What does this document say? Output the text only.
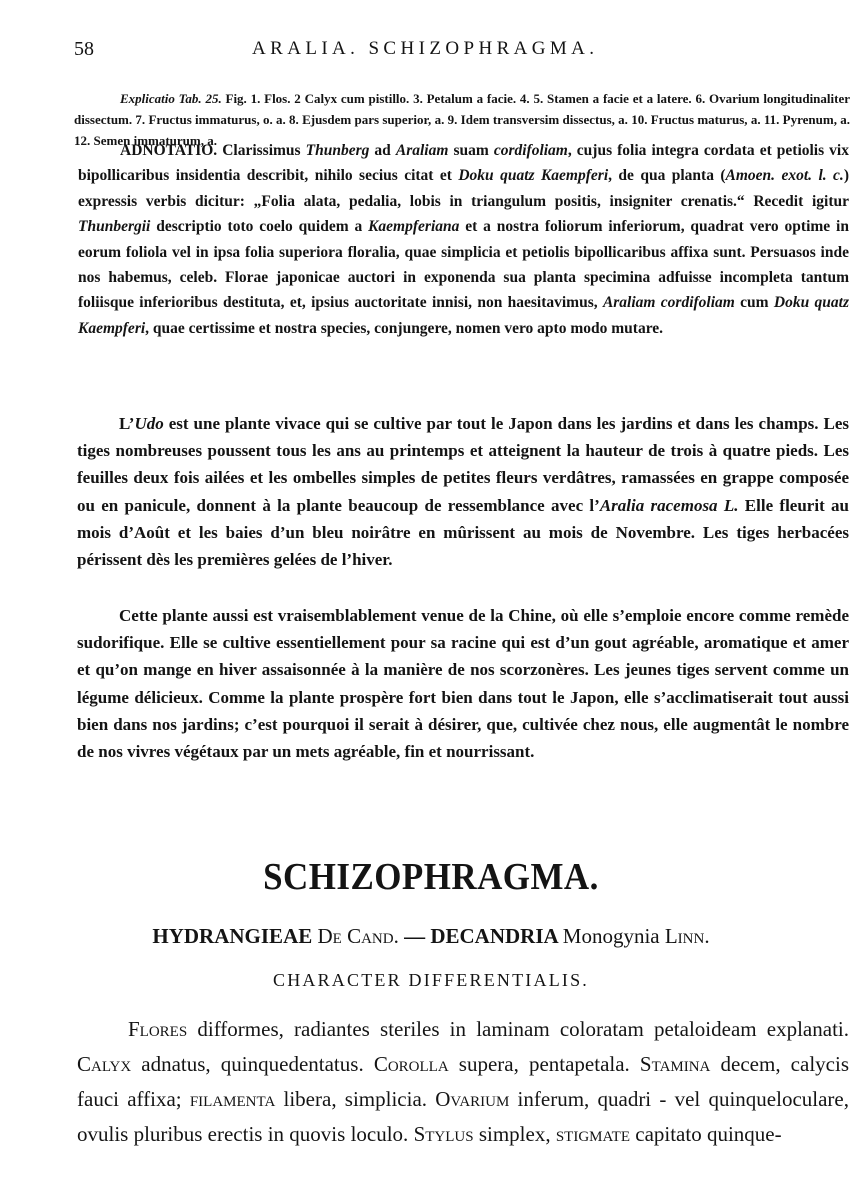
58	ARALIA. SCHIZOPHRAGMA.

Explicatio Tab. 25. Fig. 1. Flos. 2 Calyx cum pistillo. 3. Petalum a facie. 4. 5. Stamen a facie et a latere. 6. Ovarium longitudinaliter dissectum. 7. Fructus immaturus, o. a. 8. Ejusdem pars superior, a. 9. Idem transversim dissectus, a. 10. Fructus maturus, a. 11. Pyrenum, a. 12. Semen immaturum, a.

ADNOTATIO. Clarissimus Thunberg ad Araliam suam cordifoliam, cujus folia integra cordata et petiolis vix bipollicaribus insidentia describit, nihilo secius citat et Doku quatz Kaempferi, de qua planta (Amoen. exot. l. c.) expressis verbis dicitur: „Folia alata, pedalia, lobis in triangulum positis, insigniter crenatis.“ Recedit igitur Thunbergii descriptio toto coelo quidem a Kaempferiana et a nostra foliorum inferiorum, quadrat vero optime in eorum foliola vel in ipsa folia superiora floralia, quae simplicia et petiolis bipollicaribus affixa sunt. Persuasos inde nos habemus, celeb. Florae japonicae auctori in exponenda sua planta specimina adfuisse incompleta tantum foliisque inferioribus destituta, et, ipsius auctoritate innisi, non haesitavimus, Araliam cordifoliam cum Doku quatz Kaempferi, quae certissime et nostra species, conjungere, nomen vero apto modo mutare.

L’Udo est une plante vivace qui se cultive par tout le Japon dans les jardins et dans les champs. Les tiges nombreuses poussent tous les ans au printemps et atteignent la hauteur de trois à quatre pieds. Les feuilles deux fois ailées et les ombelles simples de petites fleurs verdâtres, ramassées en grappe composée ou en panicule, donnent à la plante beaucoup de ressemblance avec l’Aralia racemosa L. Elle fleurit au mois d’Août et les baies d’un bleu noirâtre en mûrissent au mois de Novembre. Les tiges herbacées périssent dès les premières gelées de l’hiver.

Cette plante aussi est vraisemblablement venue de la Chine, où elle s’emploie encore comme remède sudorifique. Elle se cultive essentiellement pour sa racine qui est d’un gout agréable, aromatique et amer et qu’on mange en hiver assaisonnée à la manière de nos scorzonères. Les jeunes tiges servent comme un légume délicieux. Comme la plante prospère fort bien dans tout le Japon, elle s’acclimatiserait tout aussi bien dans nos jardins; c’est pourquoi il serait à désirer, que, cultivée chez nous, elle augmentât le nombre de nos vivres végétaux par un mets agréable, fin et nourrissant.

SCHIZOPHRAGMA.
HYDRANGIEAE De Cand. — DECANDRIA Monogynia Linn.
CHARACTER DIFFERENTIALIS.

Flores difformes, radiantes steriles in laminam coloratam petaloideam explanati. Calyx adnatus, quinquedentatus. Corolla supera, pentapetala. Stamina decem, calycis fauci affixa; filamenta libera, simplicia. Ovarium inferum, quadri - vel quinqueloculare, ovulis pluribus erectis in quovis loculo. Stylus simplex, stigmate capitato quinque-
